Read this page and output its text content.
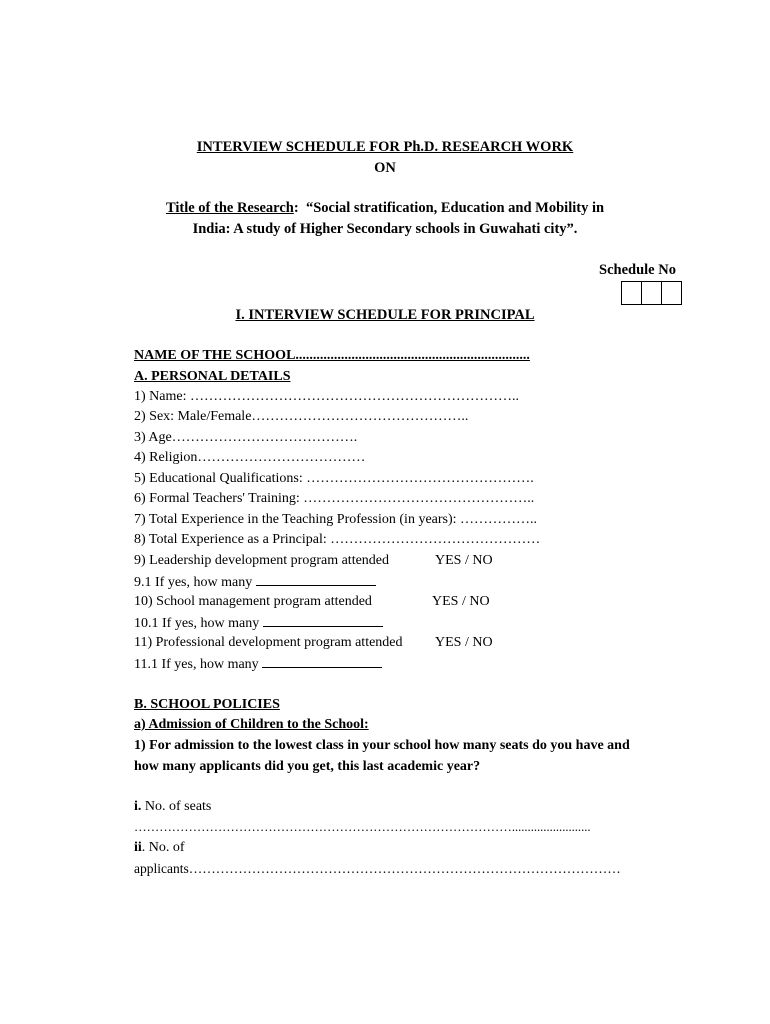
INTERVIEW SCHEDULE FOR Ph.D. RESEARCH WORK
ON
Title of the Research: “Social stratification, Education and Mobility in
India: A study of Higher Secondary schools in Guwahati city”.
Schedule No
I. INTERVIEW SCHEDULE FOR PRINCIPAL
NAME OF THE SCHOOL...................................................................
A. PERSONAL DETAILS
1) Name: ……………………………………………………………..
2) Sex: Male/Female………………………………………..
3) Age………………………………….
4) Religion………………………………
5) Educational Qualifications: ………………………………………….
6) Formal Teachers' Training: …………………………………………..
7) Total Experience in the Teaching Profession (in years): ……………..
8) Total Experience as a Principal: ………………………………………
9) Leadership development program attended	YES / NO
9.1 If yes, how many
10) School management program attended	YES / NO
10.1 If yes, how many
11) Professional development program attended YES / NO
11.1 If yes, how many
B. SCHOOL POLICIES
a) Admission of Children to the School:
1) For admission to the lowest class in your school how many seats do you have and
how many applicants did you get, this last academic year?
i. No. of seats
……………………………………………………………………………….........................
ii. No. of
applicants……………………………………………………………………………………
